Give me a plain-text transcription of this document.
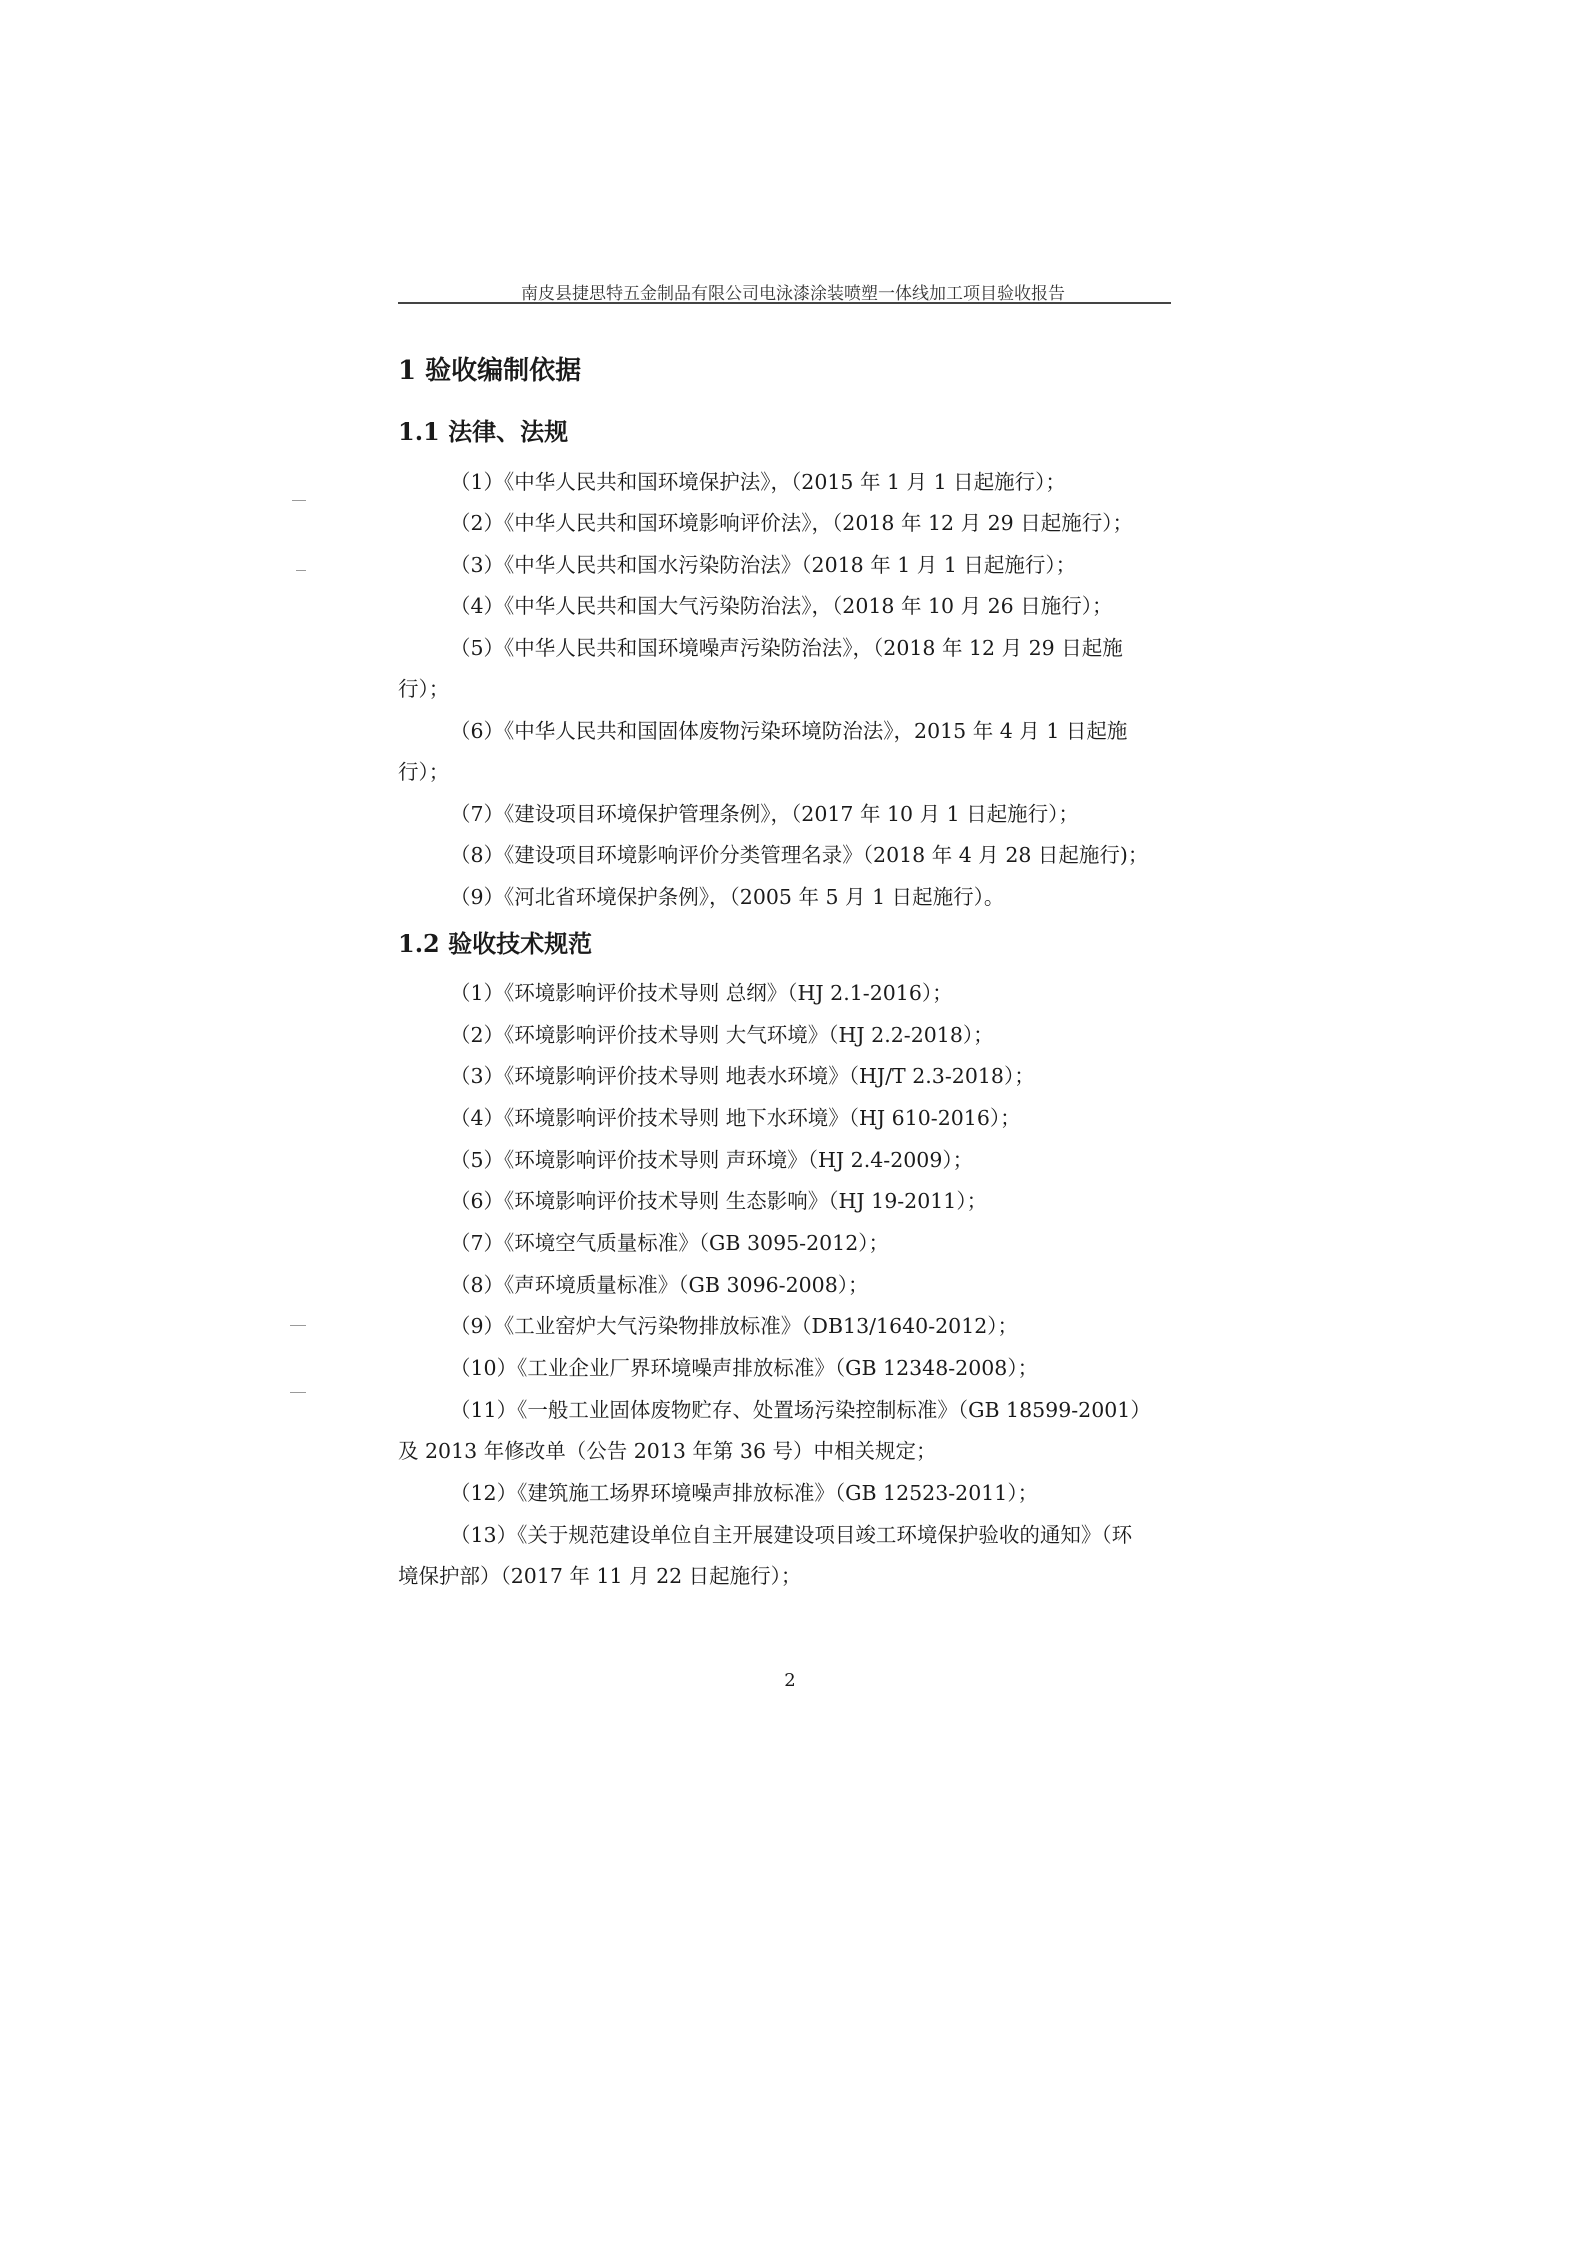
南皮县捷思特五金制品有限公司电泳漆涂装喷塑一体线加工项目验收报告
1 验收编制依据
1.1 法律、法规
（1）《中华人民共和国环境保护法》，（2015 年 1 月 1 日起施行）；
（2）《中华人民共和国环境影响评价法》，（2018 年 12 月 29 日起施行）；
（3）《中华人民共和国水污染防治法》（2018 年 1 月 1 日起施行）；
（4）《中华人民共和国大气污染防治法》，（2018 年 10 月 26 日施行）；
（5）《中华人民共和国环境噪声污染防治法》，（2018 年 12 月 29 日起施
行）；
（6）《中华人民共和国固体废物污染环境防治法》，2015 年 4 月 1 日起施
行）；
（7）《建设项目环境保护管理条例》，（2017 年 10 月 1 日起施行）；
（8）《建设项目环境影响评价分类管理名录》（2018 年 4 月 28 日起施行)；
（9）《河北省环境保护条例》，（2005 年 5 月 1 日起施行）。
1.2 验收技术规范
（1）《环境影响评价技术导则 总纲》（HJ 2.1-2016）；
（2）《环境影响评价技术导则 大气环境》（HJ 2.2-2018）；
（3）《环境影响评价技术导则 地表水环境》（HJ/T 2.3-2018）；
（4）《环境影响评价技术导则 地下水环境》（HJ 610-2016）；
（5）《环境影响评价技术导则 声环境》（HJ 2.4-2009）；
（6）《环境影响评价技术导则 生态影响》（HJ 19-2011）；
（7）《环境空气质量标准》（GB 3095-2012）；
（8）《声环境质量标准》（GB 3096-2008）；
（9）《工业窑炉大气污染物排放标准》（DB13/1640-2012）；
（10）《工业企业厂界环境噪声排放标准》（GB 12348-2008）；
（11）《一般工业固体废物贮存、处置场污染控制标准》（GB 18599-2001）
及 2013 年修改单（公告 2013 年第 36 号）中相关规定；
（12）《建筑施工场界环境噪声排放标准》（GB 12523-2011）；
（13）《关于规范建设单位自主开展建设项目竣工环境保护验收的通知》（环
境保护部）（2017 年 11 月 22 日起施行）；
2
